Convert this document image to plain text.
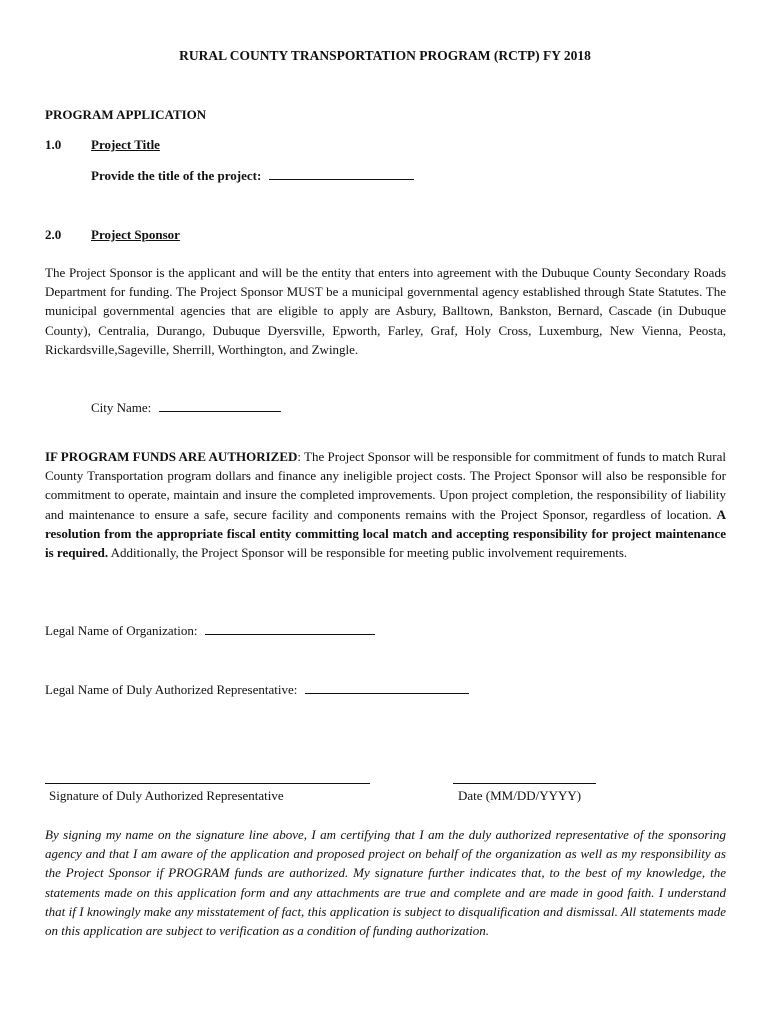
RURAL COUNTY TRANSPORTATION PROGRAM (RCTP) FY 2018
PROGRAM APPLICATION
1.0 Project Title
Provide the title of the project:
2.0 Project Sponsor
The Project Sponsor is the applicant and will be the entity that enters into agreement with the Dubuque County Secondary Roads Department for funding. The Project Sponsor MUST be a municipal governmental agency established through State Statutes. The municipal governmental agencies that are eligible to apply are Asbury, Balltown, Bankston, Bernard, Cascade (in Dubuque County), Centralia, Durango, Dubuque Dyersville, Epworth, Farley, Graf, Holy Cross, Luxemburg, New Vienna, Peosta, Rickardsville,Sageville, Sherrill, Worthington, and Zwingle.
City Name:
IF PROGRAM FUNDS ARE AUTHORIZED: The Project Sponsor will be responsible for commitment of funds to match Rural County Transportation program dollars and finance any ineligible project costs. The Project Sponsor will also be responsible for commitment to operate, maintain and insure the completed improvements. Upon project completion, the responsibility of liability and maintenance to ensure a safe, secure facility and components remains with the Project Sponsor, regardless of location. A resolution from the appropriate fiscal entity committing local match and accepting responsibility for project maintenance is required. Additionally, the Project Sponsor will be responsible for meeting public involvement requirements.
Legal Name of Organization:
Legal Name of Duly Authorized Representative:
Signature of Duly Authorized Representative	Date (MM/DD/YYYY)
By signing my name on the signature line above, I am certifying that I am the duly authorized representative of the sponsoring agency and that I am aware of the application and proposed project on behalf of the organization as well as my responsibility as the Project Sponsor if PROGRAM funds are authorized. My signature further indicates that, to the best of my knowledge, the statements made on this application form and any attachments are true and complete and are made in good faith. I understand that if I knowingly make any misstatement of fact, this application is subject to disqualification and dismissal. All statements made on this application are subject to verification as a condition of funding authorization.
